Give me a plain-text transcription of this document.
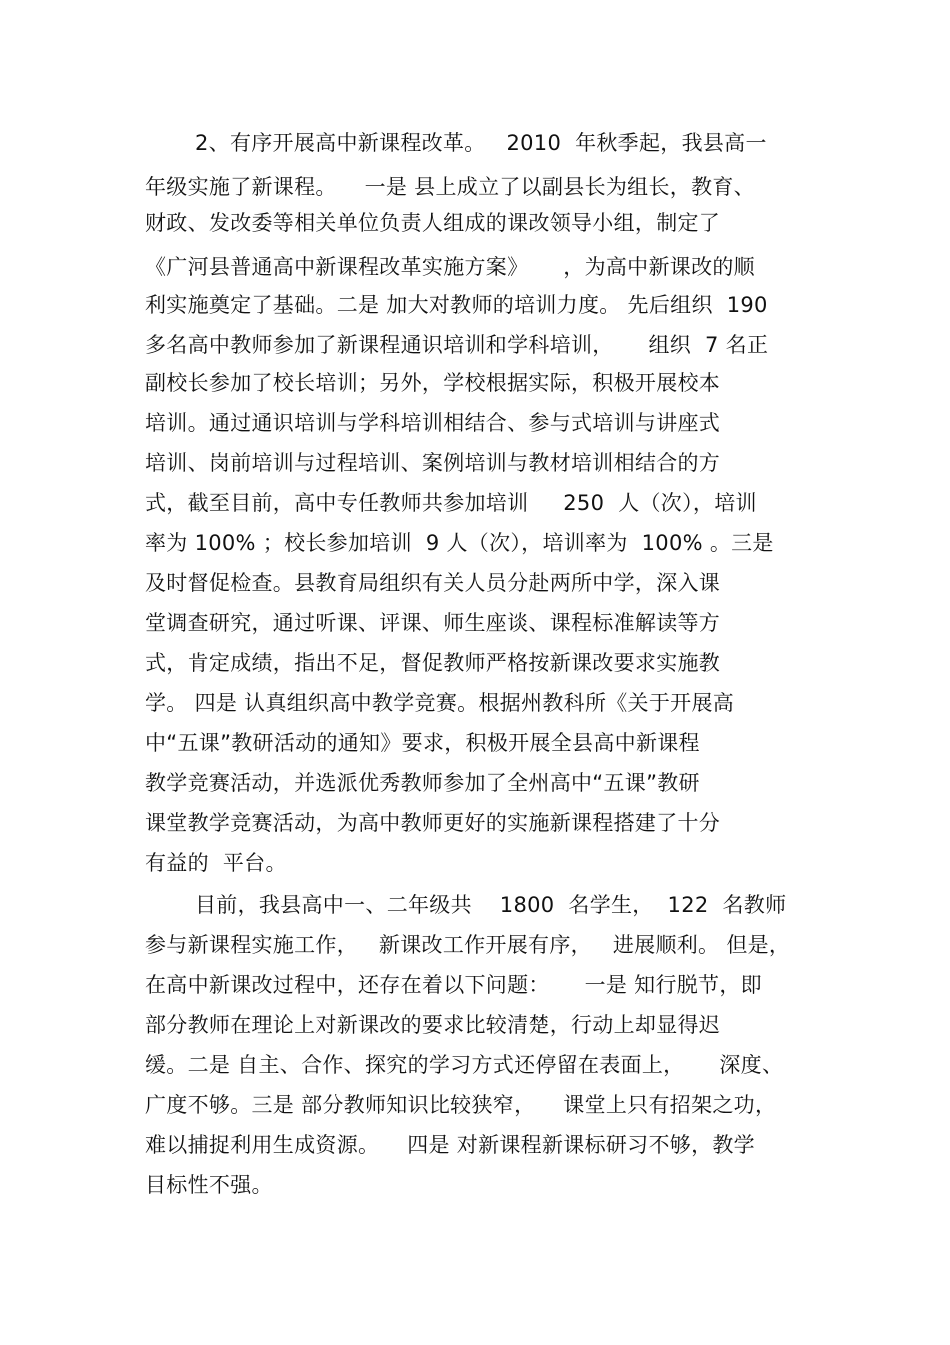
2、有序开展高中新课程改革。   2010  年秋季起，我县高一
年级实施了新课程。    一是 县上成立了以副县长为组长，教育、
财政、发改委等相关单位负责人组成的课改领导小组，制定了
《广河县普通高中新课程改革实施方案》     ，为高中新课改的顺
利实施奠定了基础。二是 加大对教师的培训力度。 先后组织  190
多名高中教师参加了新课程通识培训和学科培训，     组织  7 名正
副校长参加了校长培训；另外，学校根据实际，积极开展校本
培训。通过通识培训与学科培训相结合、参与式培训与讲座式
培训、岗前培训与过程培训、案例培训与教材培训相结合的方
式，截至目前，高中专任教师共参加培训     250  人（次），培训
率为 100% ；校长参加培训  9 人（次），培训率为  100% 。三是
及时督促检查。县教育局组织有关人员分赴两所中学，深入课
堂调查研究，通过听课、评课、师生座谈、课程标准解读等方
式，肯定成绩，指出不足，督促教师严格按新课改要求实施教
学。 四是 认真组织高中教学竞赛。根据州教科所《关于开展高
中“五课”教研活动的通知》要求，积极开展全县高中新课程
教学竞赛活动，并选派优秀教师参加了全州高中“五课”教研
课堂教学竞赛活动，为高中教师更好的实施新课程搭建了十分
有益的  平台。
目前，我县高中一、二年级共    1800  名学生，  122  名教师
参与新课程实施工作，   新课改工作开展有序，   进展顺利。 但是，
在高中新课改过程中，还存在着以下问题：     一是 知行脱节，即
部分教师在理论上对新课改的要求比较清楚，行动上却显得迟
缓。二是 自主、合作、探究的学习方式还停留在表面上，     深度、
广度不够。三是 部分教师知识比较狭窄，    课堂上只有招架之功，
难以捕捉利用生成资源。    四是 对新课程新课标研习不够，教学
目标性不强。
